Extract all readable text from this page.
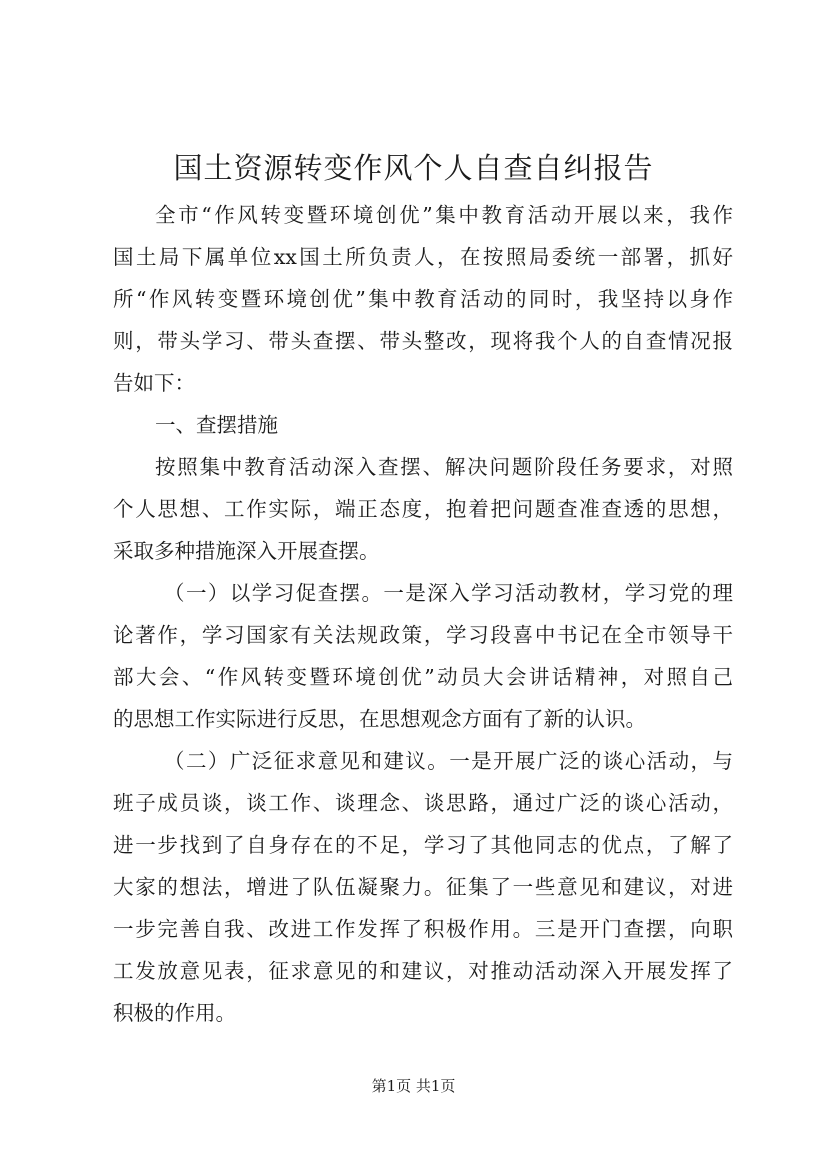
国土资源转变作风个人自查自纠报告
全市“作风转变暨环境创优”集中教育活动开展以来，我作
国土局下属单位xx国土所负责人，在按照局委统一部署，抓好
所“作风转变暨环境创优”集中教育活动的同时，我坚持以身作
则，带头学习、带头查摆、带头整改，现将我个人的自查情况报
告如下：
一、查摆措施
按照集中教育活动深入查摆、解决问题阶段任务要求，对照
个人思想、工作实际，端正态度，抱着把问题查准查透的思想，
采取多种措施深入开展查摆。
（一）以学习促查摆。一是深入学习活动教材，学习党的理
论著作，学习国家有关法规政策，学习段喜中书记在全市领导干
部大会、“作风转变暨环境创优”动员大会讲话精神，对照自己
的思想工作实际进行反思，在思想观念方面有了新的认识。
（二）广泛征求意见和建议。一是开展广泛的谈心活动，与
班子成员谈，谈工作、谈理念、谈思路，通过广泛的谈心活动，
进一步找到了自身存在的不足，学习了其他同志的优点，了解了
大家的想法，增进了队伍凝聚力。征集了一些意见和建议，对进
一步完善自我、改进工作发挥了积极作用。三是开门查摆，向职
工发放意见表，征求意见的和建议，对推动活动深入开展发挥了
积极的作用。
第1页 共1页
